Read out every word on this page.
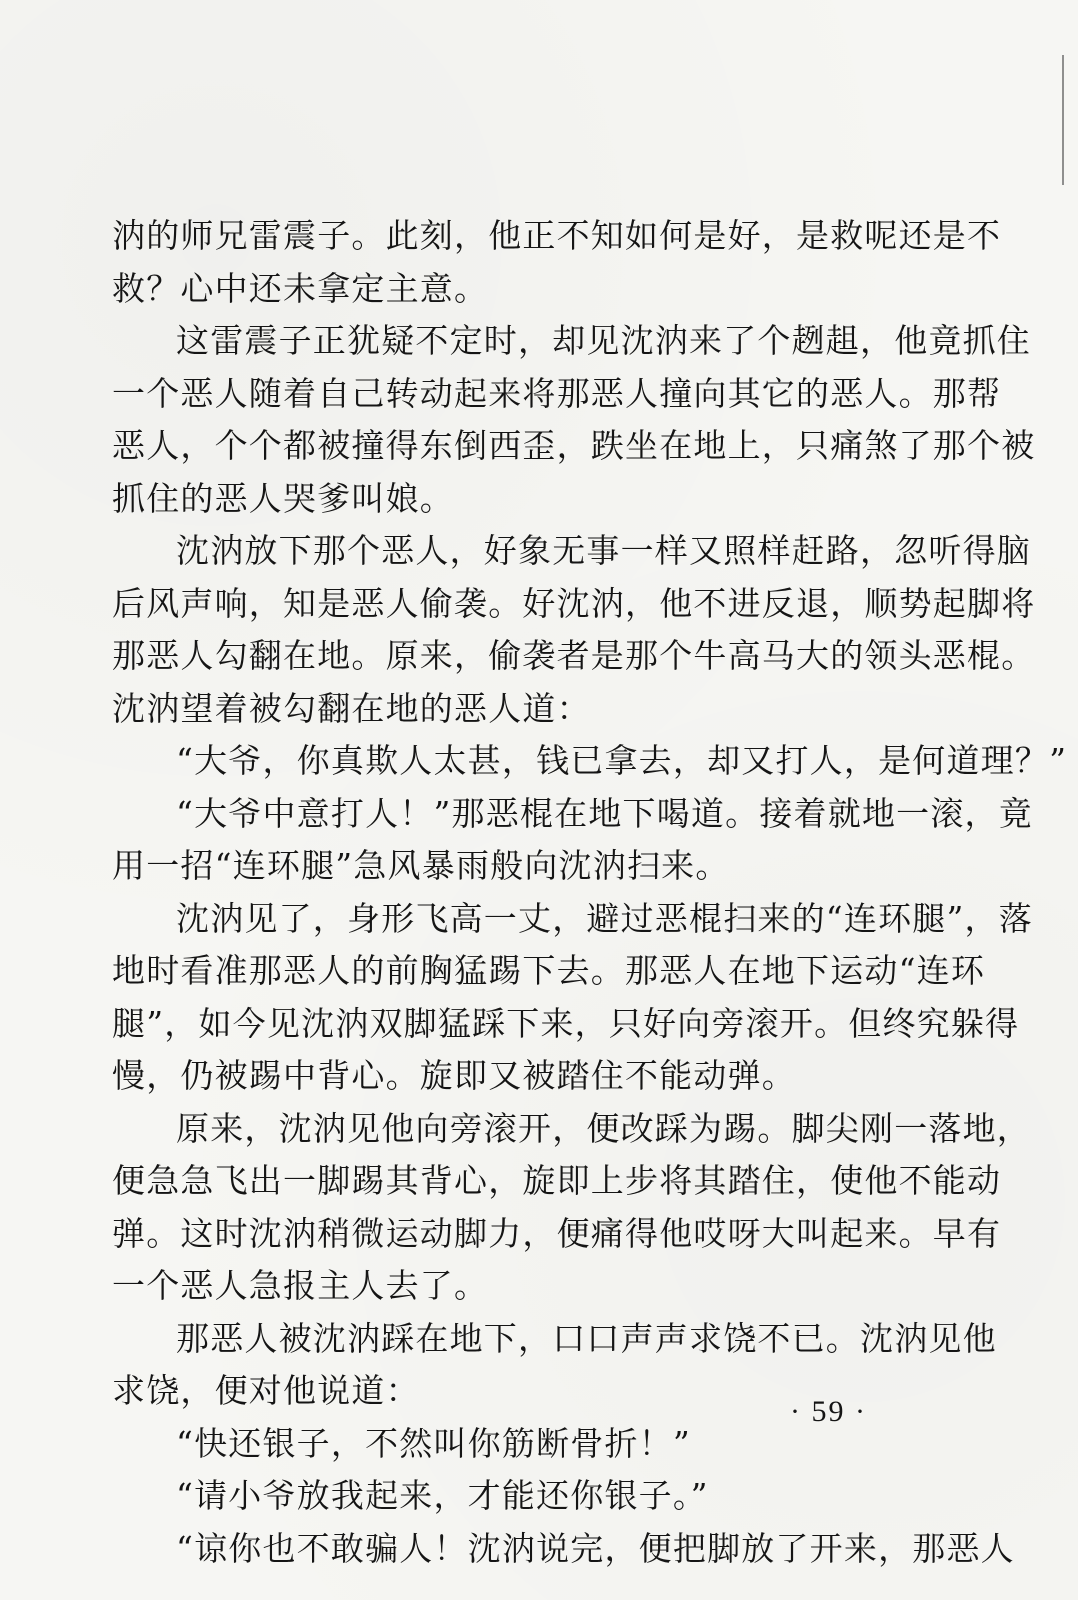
汭的师兄雷震子。此刻，他正不知如何是好，是救呢还是不
救？心中还未拿定主意。
这雷震子正犹疑不定时，却见沈汭来了个趔趄，他竟抓住
一个恶人随着自己转动起来将那恶人撞向其它的恶人。那帮
恶人，个个都被撞得东倒西歪，跌坐在地上，只痛煞了那个被
抓住的恶人哭爹叫娘。
沈汭放下那个恶人，好象无事一样又照样赶路，忽听得脑
后风声响，知是恶人偷袭。好沈汭，他不进反退，顺势起脚将
那恶人勾翻在地。原来，偷袭者是那个牛高马大的领头恶棍。
沈汭望着被勾翻在地的恶人道：
“大爷，你真欺人太甚，钱已拿去，却又打人，是何道理？”
“大爷中意打人！”那恶棍在地下喝道。接着就地一滚，竟
用一招“连环腿”急风暴雨般向沈汭扫来。
沈汭见了，身形飞高一丈，避过恶棍扫来的“连环腿”，落
地时看准那恶人的前胸猛踢下去。那恶人在地下运动“连环
腿”，如今见沈汭双脚猛踩下来，只好向旁滚开。但终究躲得
慢，仍被踢中背心。旋即又被踏住不能动弹。
原来，沈汭见他向旁滚开，便改踩为踢。脚尖刚一落地，
便急急飞出一脚踢其背心，旋即上步将其踏住，使他不能动
弹。这时沈汭稍微运动脚力，便痛得他哎呀大叫起来。早有
一个恶人急报主人去了。
那恶人被沈汭踩在地下，口口声声求饶不已。沈汭见他
求饶，便对他说道：
“快还银子，不然叫你筋断骨折！”
“请小爷放我起来，才能还你银子。”
“谅你也不敢骗人！沈汭说完，便把脚放了开来，那恶人
· 59 ·
